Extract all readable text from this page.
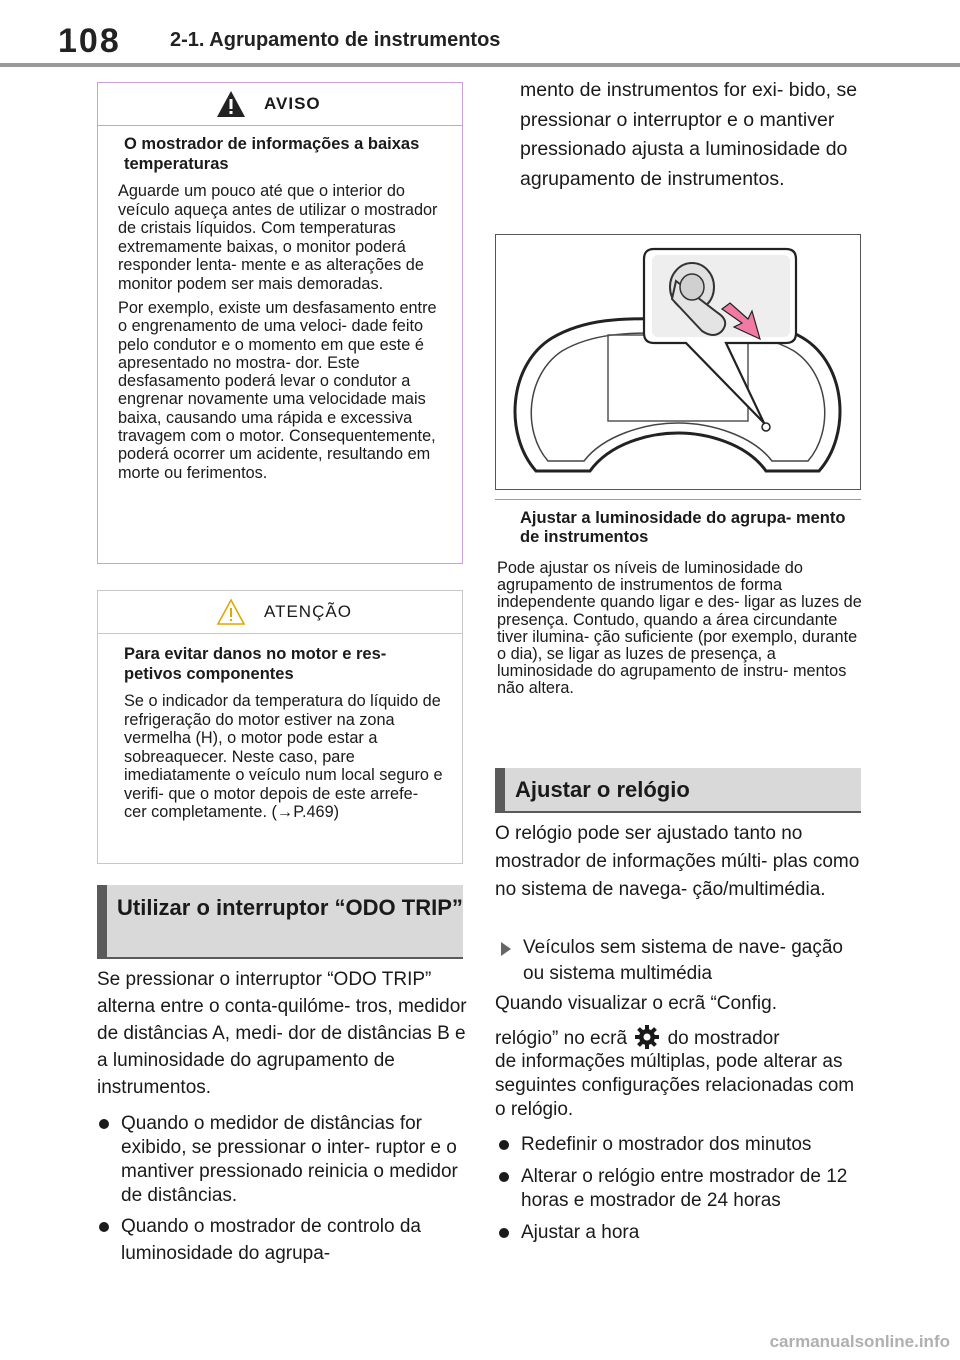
108 2-1. Agrupamento de instrumentos
AVISO
O mostrador de informações a baixas temperaturas
Aguarde um pouco até que o interior do veículo aqueça antes de utilizar o mostrador de cristais líquidos. Com temperaturas extremamente baixas, o monitor poderá responder lenta- mente e as alterações de monitor podem ser mais demoradas.
Por exemplo, existe um desfasamento entre o engrenamento de uma veloci- dade feito pelo condutor e o momento em que este é apresentado no mostra- dor. Este desfasamento poderá levar o condutor a engrenar novamente uma velocidade mais baixa, causando uma rápida e excessiva travagem com o motor. Consequentemente, poderá ocorrer um acidente, resultando em morte ou ferimentos.
ATENÇÃO
Para evitar danos no motor e res- petivos componentes
Se o indicador da temperatura do líquido de refrigeração do motor estiver na zona vermelha (H), o motor pode estar a sobreaquecer. Neste caso, pare imediatamente o veículo num local seguro e verifi- que o motor depois de este arrefe- cer completamente. (→P.469)
Utilizar o interruptor “ODO TRIP”
Se pressionar o interruptor “ODO TRIP” alterna entre o conta-quilóme- tros, medidor de distâncias A, medi- dor de distâncias B e a luminosidade do agrupamento de instrumentos.
Quando o medidor de distâncias for exibido, se pressionar o inter- ruptor e o mantiver pressionado reinicia o medidor de distâncias.
Quando o mostrador de controlo da luminosidade do agrupa-
mento de instrumentos for exi- bido, se pressionar o interruptor e o mantiver pressionado ajusta a luminosidade do agrupamento de instrumentos.
Ajustar a luminosidade do agrupa- mento de instrumentos
Pode ajustar os níveis de luminosidade do agrupamento de instrumentos de forma independente quando ligar e des- ligar as luzes de presença. Contudo, quando a área circundante tiver ilumina- ção suficiente (por exemplo, durante o dia), se ligar as luzes de presença, a luminosidade do agrupamento de instru- mentos não altera.
Ajustar o relógio
O relógio pode ser ajustado tanto no mostrador de informações múlti- plas como no sistema de navega- ção/multimédia.
Veículos sem sistema de nave- gação ou sistema multimédia
Quando visualizar o ecrã “Config.
relógio” no ecrã do mostrador
de informações múltiplas, pode alterar as seguintes configurações relacionadas com o relógio.
Redefinir o mostrador dos minutos
Alterar o relógio entre mostrador de 12 horas e mostrador de 24 horas
Ajustar a hora
carmanualsonline.info
